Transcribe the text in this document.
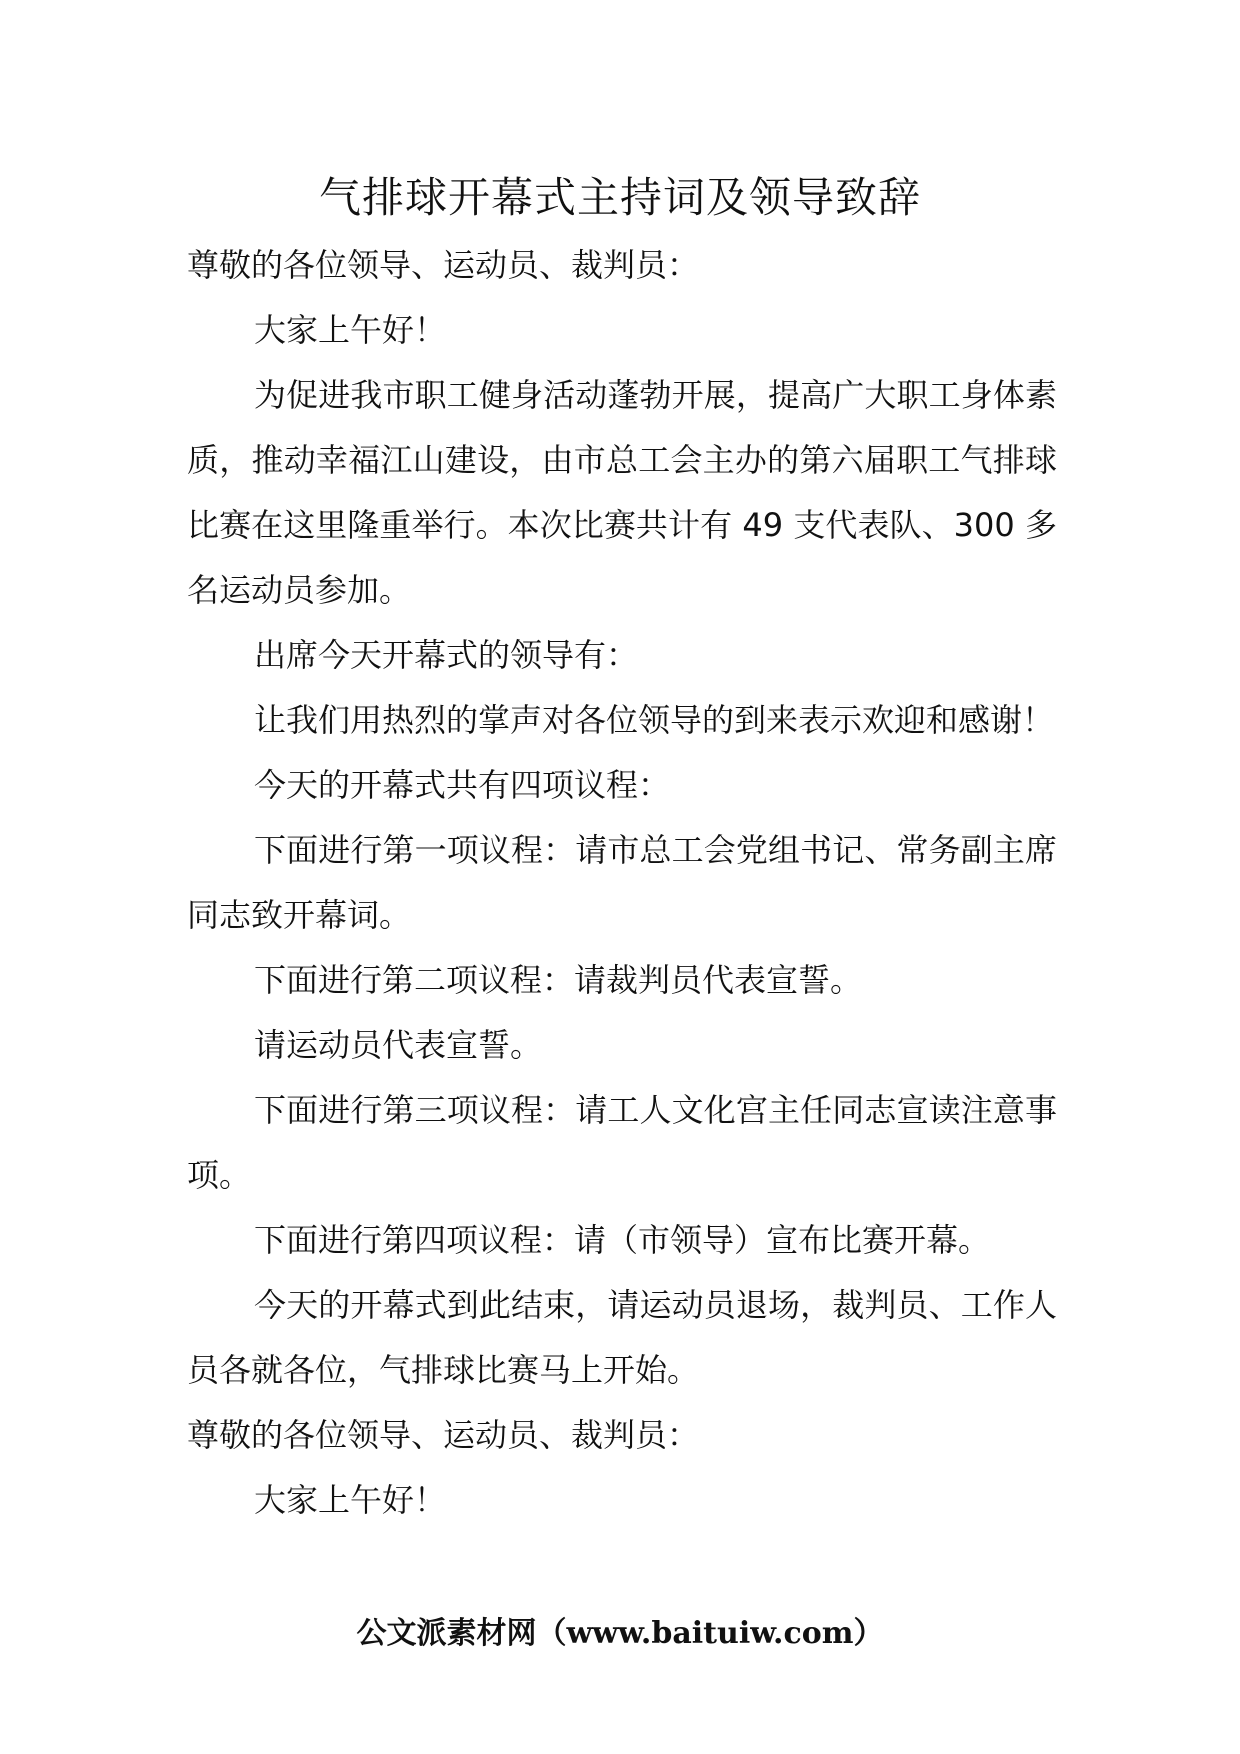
气排球开幕式主持词及领导致辞

尊敬的各位领导、运动员、裁判员：

大家上午好！

为促进我市职工健身活动蓬勃开展，提高广大职工身体素质，推动幸福江山建设，由市总工会主办的第六届职工气排球比赛在这里隆重举行。本次比赛共计有 49 支代表队、300 多名运动员参加。

出席今天开幕式的领导有：

让我们用热烈的掌声对各位领导的到来表示欢迎和感谢！

今天的开幕式共有四项议程：

下面进行第一项议程：请市总工会党组书记、常务副主席同志致开幕词。

下面进行第二项议程：请裁判员代表宣誓。

请运动员代表宣誓。

下面进行第三项议程：请工人文化宫主任同志宣读注意事项。

下面进行第四项议程：请（市领导）宣布比赛开幕。

今天的开幕式到此结束，请运动员退场，裁判员、工作人员各就各位，气排球比赛马上开始。

尊敬的各位领导、运动员、裁判员：

大家上午好！

公文派素材网（www.baituiw.com）
